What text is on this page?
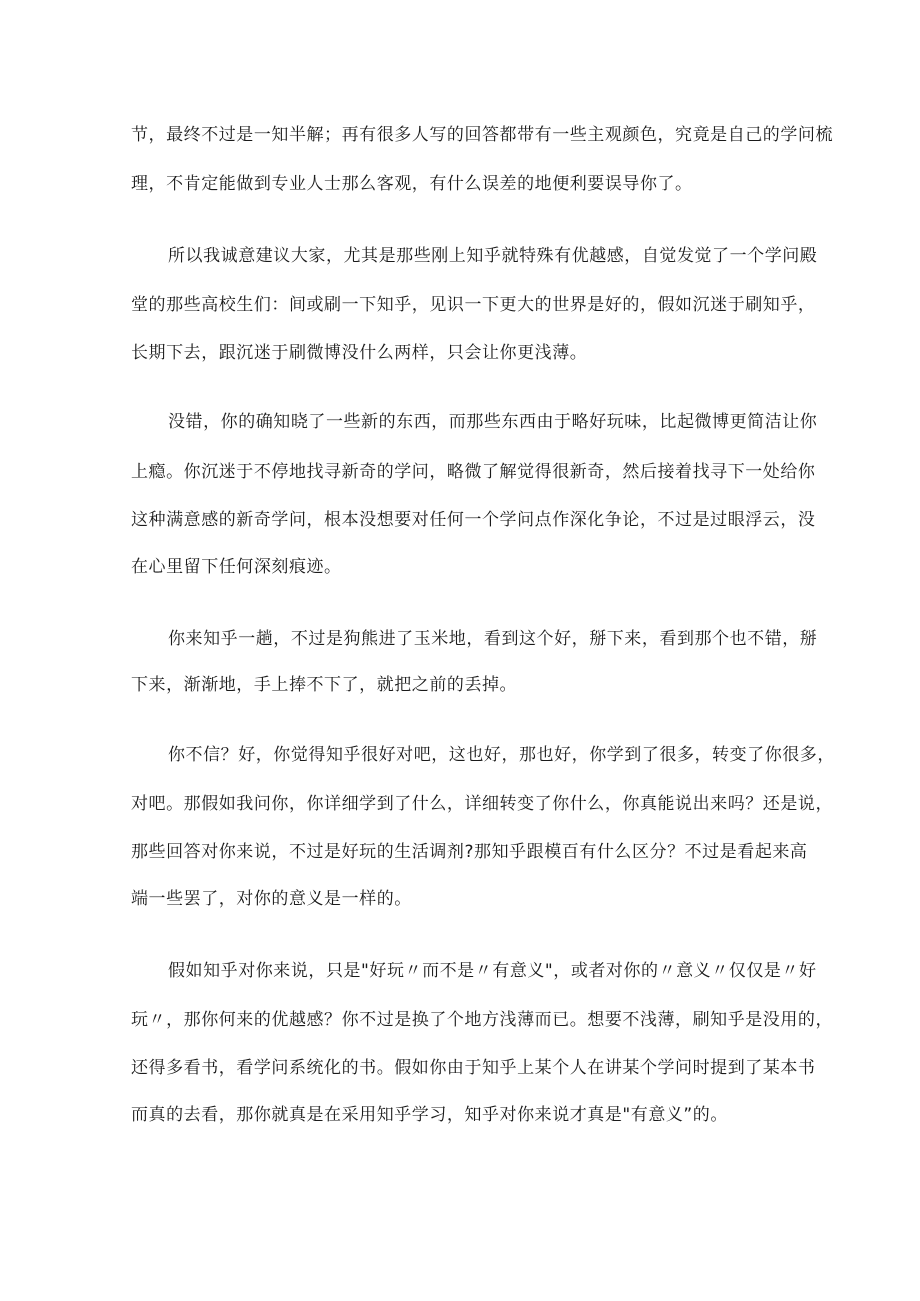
节，最终不过是一知半解；再有很多人写的回答都带有一些主观颜色，究竟是自己的学问梳
理，不肯定能做到专业人士那么客观，有什么误差的地便利要误导你了。
所以我诚意建议大家，尤其是那些刚上知乎就特殊有优越感，自觉发觉了一个学问殿
堂的那些高校生们：间或刷一下知乎，见识一下更大的世界是好的，假如沉迷于刷知乎，
长期下去，跟沉迷于刷微博没什么两样，只会让你更浅薄。
没错，你的确知晓了一些新的东西，而那些东西由于略好玩味，比起微博更简洁让你
上瘾。你沉迷于不停地找寻新奇的学问，略微了解觉得很新奇，然后接着找寻下一处给你
这种满意感的新奇学问，根本没想要对任何一个学问点作深化争论，不过是过眼浮云，没
在心里留下任何深刻痕迹。
你来知乎一趟，不过是狗熊进了玉米地，看到这个好，掰下来，看到那个也不错，掰
下来，渐渐地，手上捧不下了，就把之前的丢掉。
你不信？好，你觉得知乎很好对吧，这也好，那也好，你学到了很多，转变了你很多，
对吧。那假如我问你，你详细学到了什么，详细转变了你什么，你真能说出来吗？还是说，
那些回答对你来说，不过是好玩的生活调剂?那知乎跟模百有什么区分？不过是看起来高
端一些罢了，对你的意义是一样的。
假如知乎对你来说，只是"好玩〃而不是〃有意义"，或者对你的〃意义〃仅仅是〃好
玩〃，那你何来的优越感？你不过是换了个地方浅薄而已。想要不浅薄，刷知乎是没用的，
还得多看书，看学问系统化的书。假如你由于知乎上某个人在讲某个学问时提到了某本书
而真的去看，那你就真是在采用知乎学习，知乎对你来说才真是"有意义”的。
